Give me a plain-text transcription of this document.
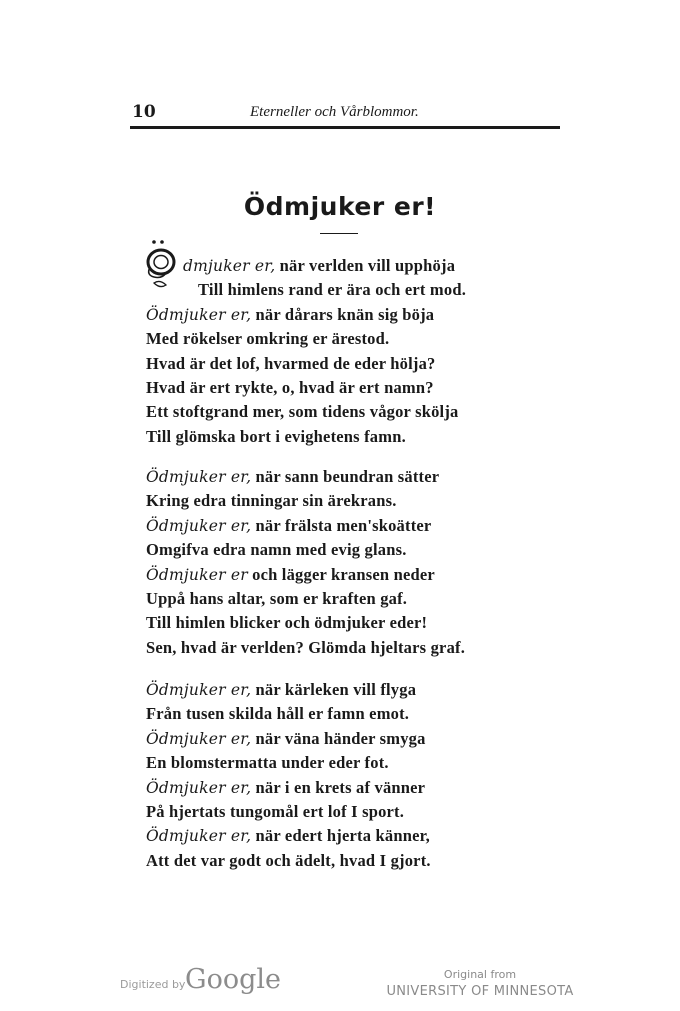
10	Eterneller och Vårblommor.
Ödmjuker er!
dmjuker er, när verlden vill upphöja
Till himlens rand er ära och ert mod.
Ödmjuker er, när dårars knän sig böja
Med rökelser omkring er ärestod.
Hvad är det lof, hvarmed de eder hölja?
Hvad är ert rykte, o, hvad är ert namn?
Ett stoftgrand mer, som tidens vågor skölja
Till glömska bort i evighetens famn.
Ödmjuker er, när sann beundran sätter
Kring edra tinningar sin ärekrans.
Ödmjuker er, när frälsta men'skoätter
Omgifva edra namn med evig glans.
Ödmjuker er och lägger kransen neder
Uppå hans altar, som er kraften gaf.
Till himlen blicker och ödmjuker eder!
Sen, hvad är verlden? Glömda hjeltars graf.
Ödmjuker er, när kärleken vill flyga
Från tusen skilda håll er famn emot.
Ödmjuker er, när väna händer smyga
En blomstermatta under eder fot.
Ödmjuker er, när i en krets af vänner
På hjertats tungomål ert lof I sport.
Ödmjuker er, när edert hjerta känner,
Att det var godt och ädelt, hvad I gjort.
Digitized by Google	Original from
UNIVERSITY OF MINNESOTA
